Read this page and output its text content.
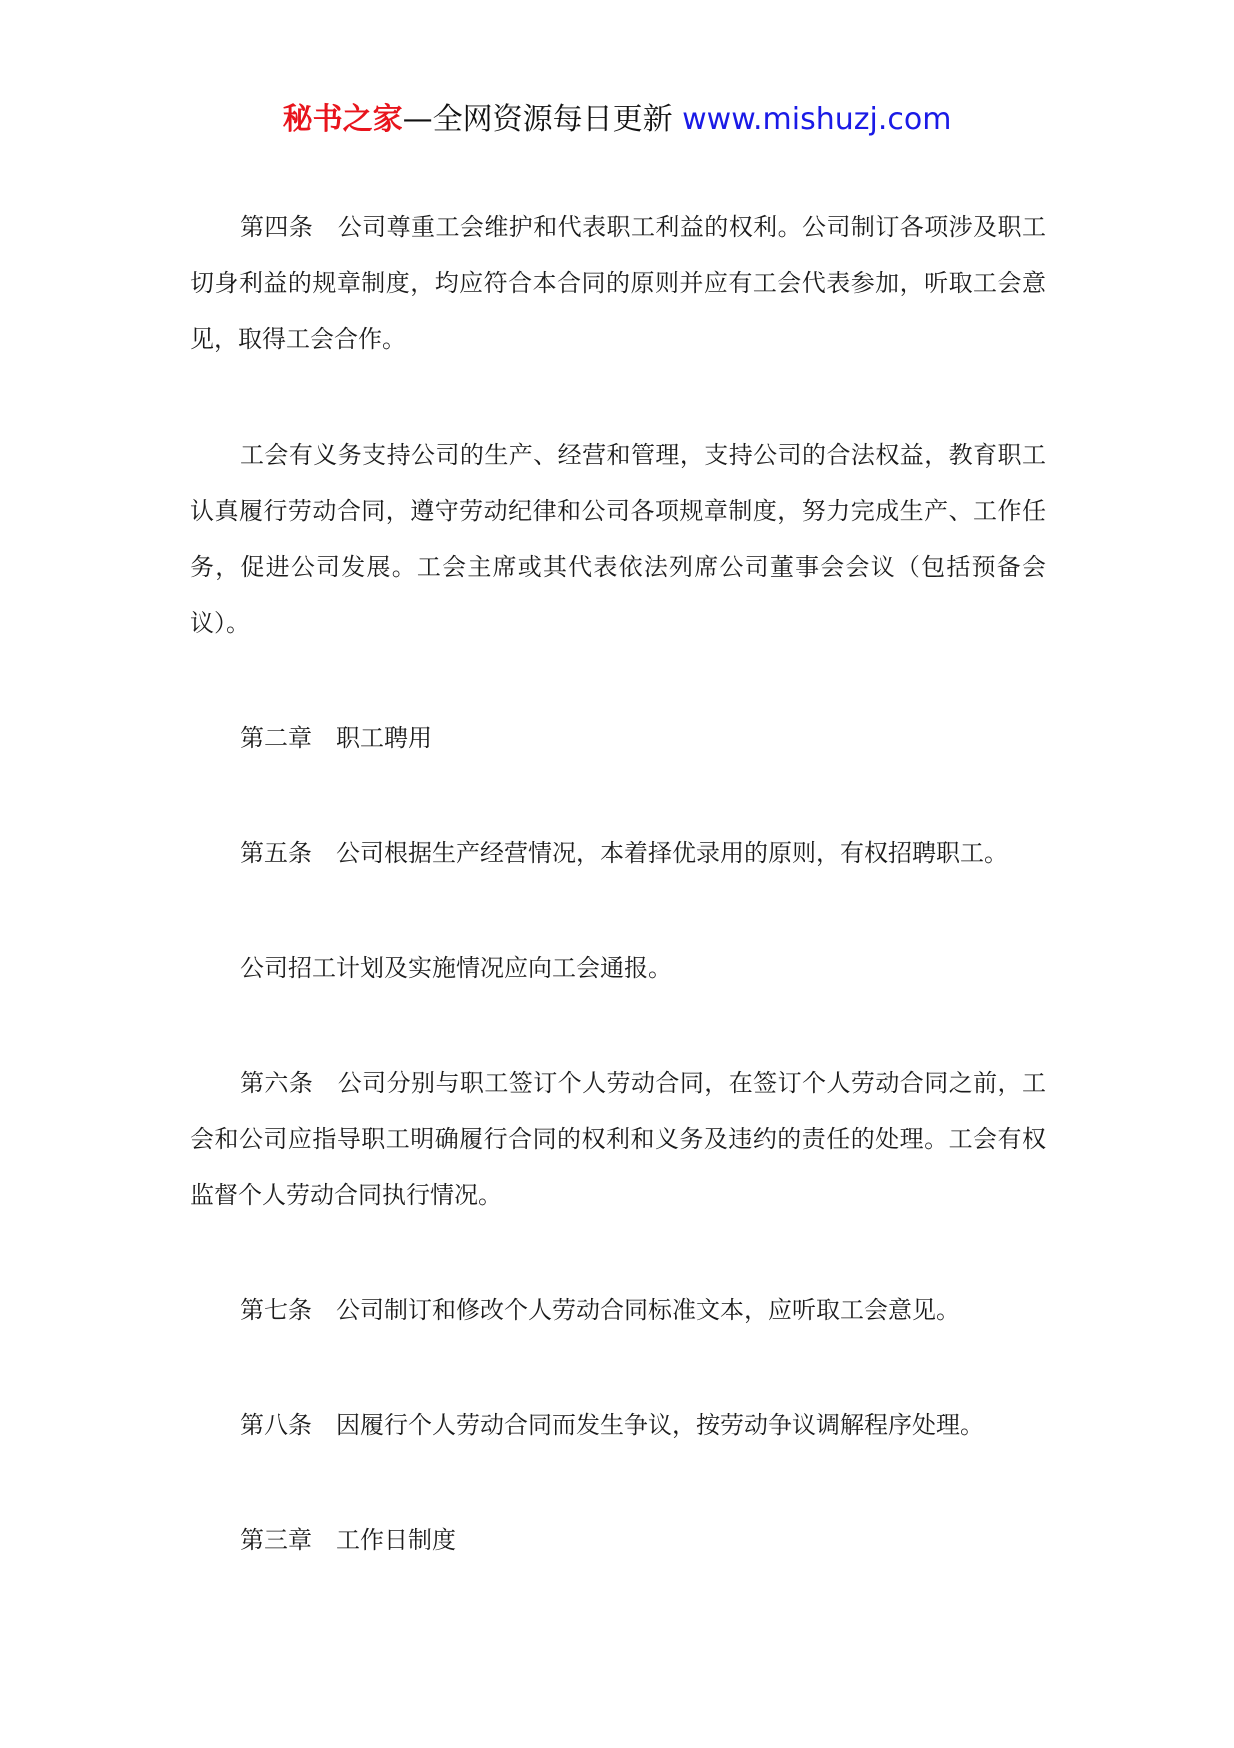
秘书之家—全网资源每日更新 www.mishuzj.com

第四条 公司尊重工会维护和代表职工利益的权利。公司制订各项涉及职工切身利益的规章制度，均应符合本合同的原则并应有工会代表参加，听取工会意见，取得工会合作。

工会有义务支持公司的生产、经营和管理，支持公司的合法权益，教育职工认真履行劳动合同，遵守劳动纪律和公司各项规章制度，努力完成生产、工作任务，促进公司发展。工会主席或其代表依法列席公司董事会会议（包括预备会议）。

第二章 职工聘用

第五条 公司根据生产经营情况，本着择优录用的原则，有权招聘职工。

公司招工计划及实施情况应向工会通报。

第六条 公司分别与职工签订个人劳动合同，在签订个人劳动合同之前，工会和公司应指导职工明确履行合同的权利和义务及违约的责任的处理。工会有权监督个人劳动合同执行情况。

第七条 公司制订和修改个人劳动合同标准文本，应听取工会意见。

第八条 因履行个人劳动合同而发生争议，按劳动争议调解程序处理。

第三章 工作日制度
